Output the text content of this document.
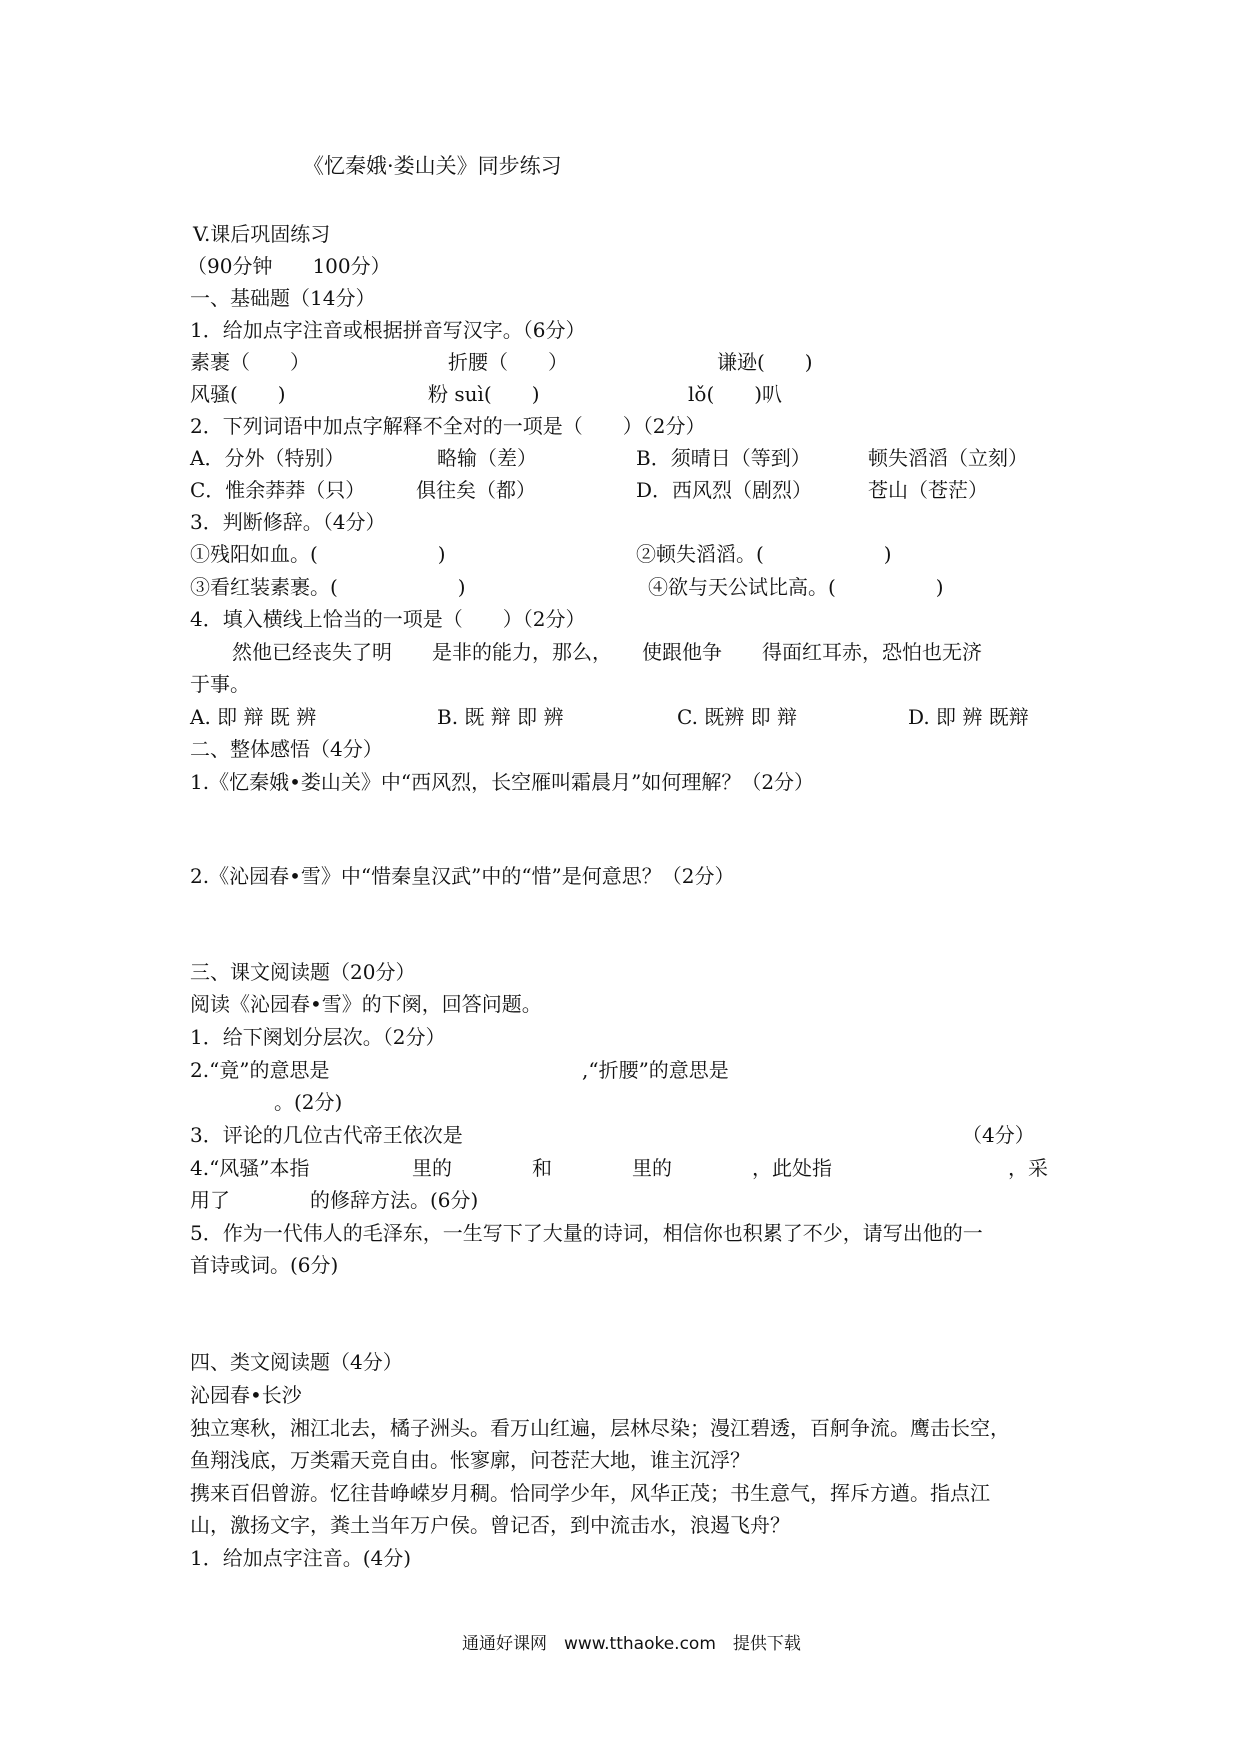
《忆秦娥·娄山关》同步练习
V.课后巩固练习
（90分钟　　100分）
一、基础题（14分）
1．给加点字注音或根据拼音写汉字。（6分）
素裹（　　）	折腰（　　）	谦逊(　　)
风骚(　　)	粉 suì(　　)	lǒ(　　)叭
2．下列词语中加点字解释不全对的一项是（　　）（2分）
A．分外（特别）	略输（差）	B．须晴日（等到）	顿失滔滔（立刻）
C．惟余莽莽（只）	俱往矣（都）	D．西风烈（剧烈）	苍山（苍茫）
3．判断修辞。（4分）
①残阳如血。(　　　　　　)	②顿失滔滔。(　　　　　　)
③看红装素裹。(　　　　　　)	④欲与天公试比高。(　　　　　)
4．填入横线上恰当的一项是（　　）（2分）
然他已经丧失了明　　是非的能力，那么，　　使跟他争　　得面红耳赤，恐怕也无济
于事。
A. 即 辩 既 辨	B. 既 辩 即 辨	C. 既辨 即 辩	D. 即 辨 既辩
二、整体感悟（4分）
1.《忆秦娥•娄山关》中“西风烈，长空雁叫霜晨月”如何理解？（2分）
2.《沁园春•雪》中“惜秦皇汉武”中的“惜”是何意思？（2分）
三、课文阅读题（20分）
阅读《沁园春•雪》的下阕，回答问题。
1．给下阕划分层次。（2分）
2.“竟”的意思是	,“折腰”的意思是
。(2分)
3．评论的几位古代帝王依次是	（4分）
4.“风骚”本指	里的	和	里的	，此处指	，采
用了　　　　的修辞方法。(6分)
5．作为一代伟人的毛泽东，一生写下了大量的诗词，相信你也积累了不少，请写出他的一
首诗或词。(6分)
四、类文阅读题（4分）
沁园春•长沙
独立寒秋，湘江北去，橘子洲头。看万山红遍，层林尽染；漫江碧透，百舸争流。鹰击长空，
鱼翔浅底，万类霜天竞自由。怅寥廓，问苍茫大地，谁主沉浮？
携来百侣曾游。忆往昔峥嵘岁月稠。恰同学少年，风华正茂；书生意气，挥斥方遒。指点江
山，激扬文字，粪土当年万户侯。曾记否，到中流击水，浪遏飞舟？
1．给加点字注音。(4分)
通通好课网　www.tthaoke.com　提供下载
